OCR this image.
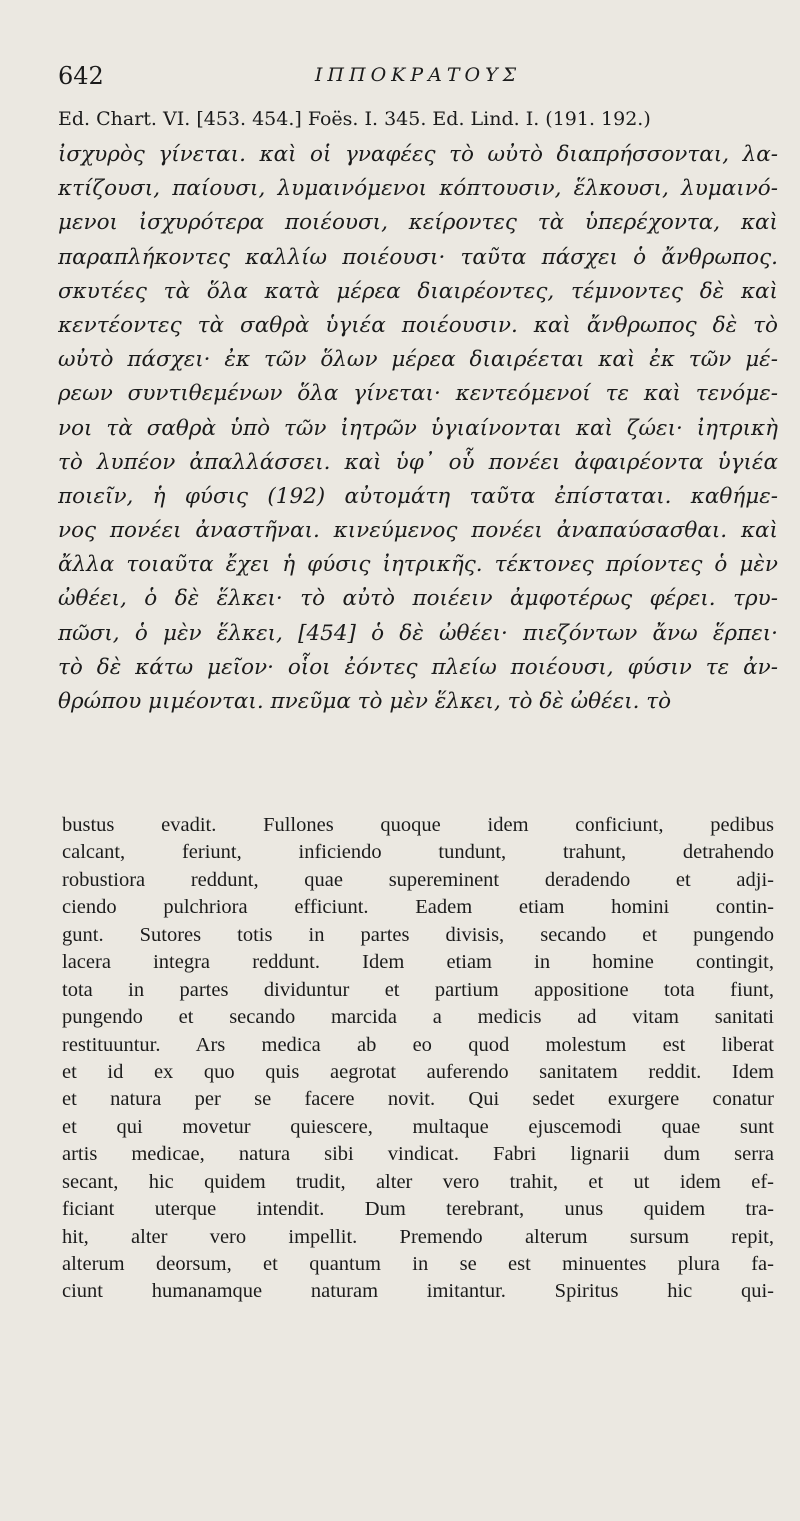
642	ΙΠΠΟΚΡΑΤΟΥΣ
Ed. Chart. VI. [453. 454.] Foës. I. 345. Ed. Lind. I. (191. 192.)
ἰσχυρὸς γίνεται. καὶ οἱ γναφέες τὸ ωὐτὸ διαπρήσσονται, λα-
κτίζουσι, παίουσι, λυμαινόμενοι κόπτουσιν, ἕλκουσι, λυμαινό-
μενοι ἰσχυρότερα ποιέουσι, κείροντες τὰ ὑπερέχοντα, καὶ
παραπλήκοντες καλλίω ποιέουσι· ταῦτα πάσχει ὁ ἄνθρωπος.
σκυτέες τὰ ὅλα κατὰ μέρεα διαιρέοντες, τέμνοντες δὲ καὶ
κεντέοντες τὰ σαθρὰ ὑγιέα ποιέουσιν. καὶ ἄνθρωπος δὲ τὸ
ωὐτὸ πάσχει· ἐκ τῶν ὅλων μέρεα διαιρέεται καὶ ἐκ τῶν μέ-
ρεων συντιθεμένων ὅλα γίνεται· κεντεόμενοί τε καὶ τενόμε-
νοι τὰ σαθρὰ ὑπὸ τῶν ἰητρῶν ὑγιαίνονται καὶ ζώει· ἰητρικὴ
τὸ λυπέον ἀπαλλάσσει. καὶ ὑφ᾽ οὗ πονέει ἀφαιρέοντα ὑγιέα
ποιεῖν, ἡ φύσις (192) αὐτομάτη ταῦτα ἐπίσταται. καθήμε-
νος πονέει ἀναστῆναι. κινεύμενος πονέει ἀναπαύσασθαι. καὶ
ἄλλα τοιαῦτα ἔχει ἡ φύσις ἰητρικῆς. τέκτονες πρίοντες ὁ μὲν
ὠθέει, ὁ δὲ ἕλκει· τὸ αὐτὸ ποιέειν ἀμφοτέρως φέρει. τρυ-
πῶσι, ὁ μὲν ἕλκει, [454] ὁ δὲ ὠθέει· πιεζόντων ἄνω ἕρπει·
τὸ δὲ κάτω μεῖον· οἷοι ἐόντες πλείω ποιέουσι, φύσιν τε ἀν-
θρώπου μιμέονται. πνεῦμα τὸ μὲν ἕλκει, τὸ δὲ ὠθέει. τὸ
bustus evadit. Fullones quoque idem conficiunt, pedibus
calcant, feriunt, inficiendo tundunt, trahunt, detrahendo
robustiora reddunt, quae supereminent deradendo et adji-
ciendo pulchriora efficiunt. Eadem etiam homini contin-
gunt. Sutores totis in partes divisis, secando et pungendo
lacera integra reddunt. Idem etiam in homine contingit,
tota in partes dividuntur et partium appositione tota fiunt,
pungendo et secando marcida a medicis ad vitam sanitati
restituuntur. Ars medica ab eo quod molestum est liberat
et id ex quo quis aegrotat auferendo sanitatem reddit. Idem
et natura per se facere novit. Qui sedet exurgere conatur
et qui movetur quiescere, multaque ejuscemodi quae sunt
artis medicae, natura sibi vindicat. Fabri lignarii dum serra
secant, hic quidem trudit, alter vero trahit, et ut idem ef-
ficiant uterque intendit. Dum terebrant, unus quidem tra-
hit, alter vero impellit. Premendo alterum sursum repit,
alterum deorsum, et quantum in se est minuentes plura fa-
ciunt humanamque naturam imitantur. Spiritus hic qui-
